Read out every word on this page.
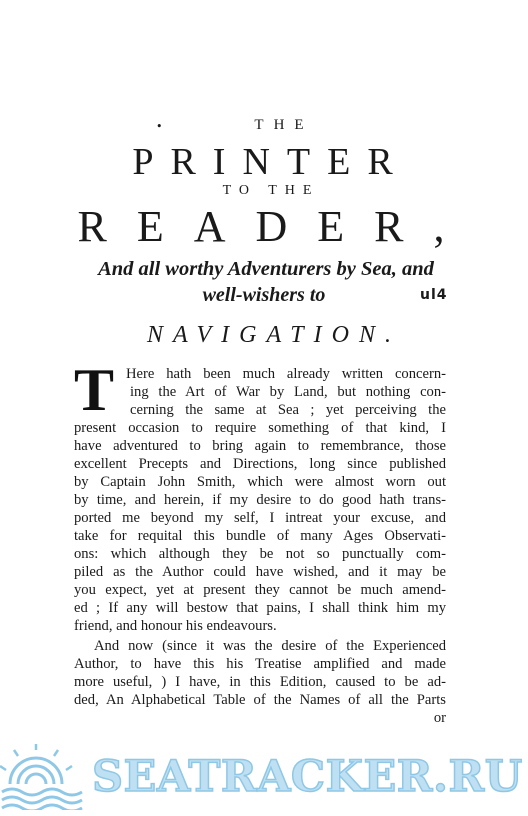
•	THE
PRINTER
TO THE
READER,
And all worthy Adventurers by Sea, and
well-wishers to
NAVIGATION.
ul4
T Here hath been much already written concern-
ing the Art of War by Land, but nothing con-
cerning the same at Sea ; yet perceiving the
present occasion to require something of that kind, I
have adventured to bring again to remembrance, those
excellent Precepts and Directions, long since published
by Captain John Smith, which were almost worn out
by time, and herein, if my desire to do good hath trans-
ported me beyond my self, I intreat your excuse, and
take for requital this bundle of many Ages Observati-
ons: which although they be not so punctually com-
piled as the Author could have wished, and it may be
you expect, yet at present they cannot be much amend-
ed ; If any will bestow that pains, I shall think him my
friend, and honour his endeavours.
And now (since it was the desire of the Experienced
Author, to have this his Treatise amplified and made
more useful, ) I have, in this Edition, caused to be ad-
ded, An Alphabetical Table of the Names of all the Parts
or
SEATRACKER.RU
